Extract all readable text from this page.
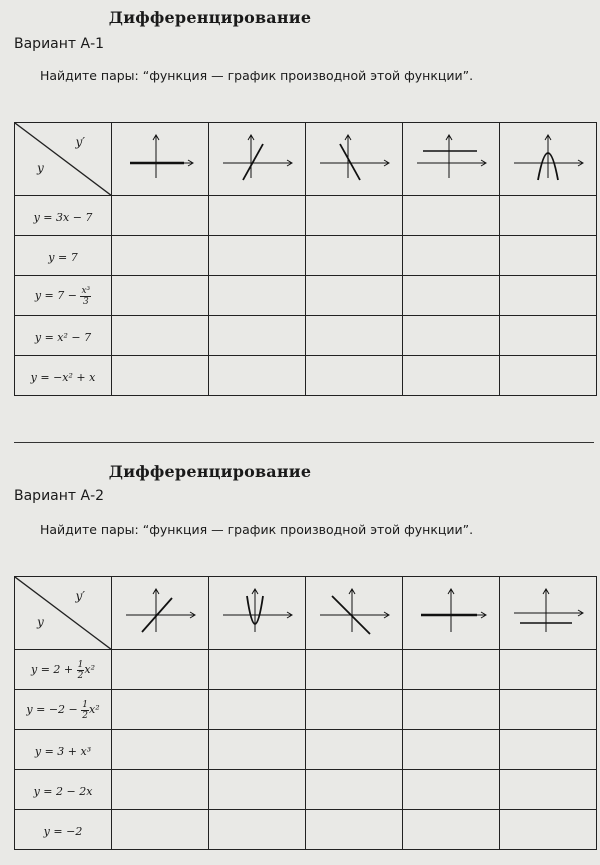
Дифференцирование
Вариант А-1
Найдите пары: “функция — график производной этой функции”.
y′
y

y = 3x − 7					
y = 7					
$y = 7 - \frac{\text{x³}}{3}$

y = x² − 7					
y = −x² + x					
Дифференцирование
Вариант А-2
Найдите пары: “функция — график производной этой функции”.
y′
y

$y = 2 + \frac{1}{2} x^2$					
$y = -2 - \frac{1}{2} x^2$					
y = 3 + x³					
y = 2 − 2x					
y = −2					
